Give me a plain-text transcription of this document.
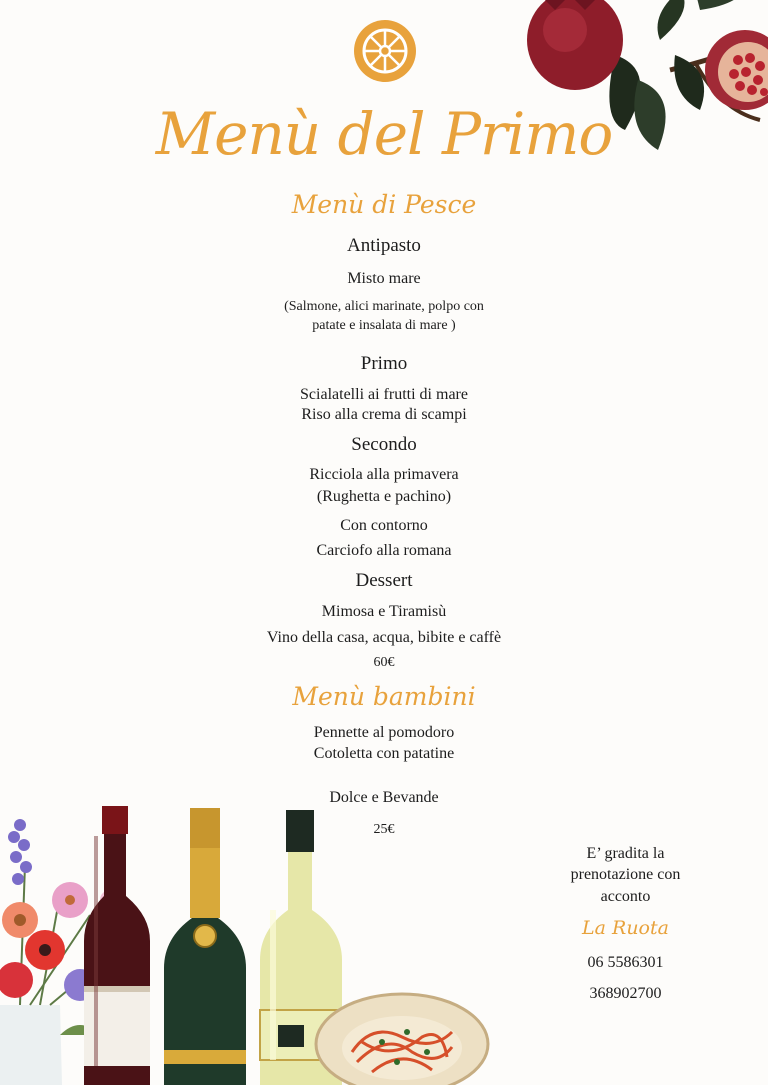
Menù del Primo
Menù di Pesce
Antipasto
Misto mare
(Salmone, alici marinate, polpo con
patate e insalata di mare )
Primo
Scialatelli ai frutti di mare
Riso alla crema di scampi
Secondo
Ricciola alla primavera
(Rughetta e pachino)
Con contorno
Carciofo alla romana
Dessert
Mimosa e Tiramisù
Vino della casa, acqua, bibite e caffè
60€
Menù bambini
Pennette al pomodoro
Cotoletta con patatine
Dolce e Bevande
25€
E’ gradita la
prenotazione con
acconto
La Ruota
06 5586301
368902700
